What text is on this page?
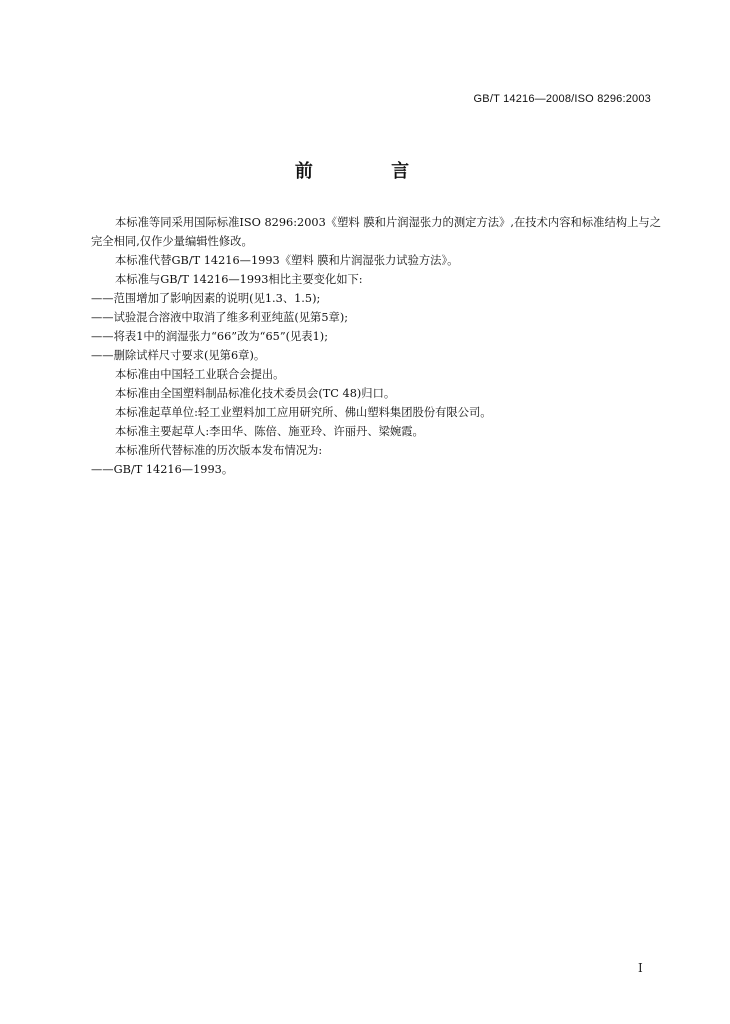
GB/T 14216—2008/ISO 8296:2003
前 言

本标准等同采用国际标准ISO 8296:2003《塑料 膜和片润湿张力的测定方法》,在技术内容和标准结构上与之完全相同,仅作少量编辑性修改。

本标准代替GB/T 14216—1993《塑料 膜和片润湿张力试验方法》。

本标准与GB/T 14216—1993相比主要变化如下:

——范围增加了影响因素的说明(见1.3、1.5);

——试验混合溶液中取消了维多利亚纯蓝(见第5章);

——将表1中的润湿张力“66”改为“65”(见表1);

——删除试样尺寸要求(见第6章)。

本标准由中国轻工业联合会提出。

本标准由全国塑料制品标准化技术委员会(TC 48)归口。

本标准起草单位:轻工业塑料加工应用研究所、佛山塑料集团股份有限公司。

本标准主要起草人:李田华、陈倍、施亚玲、许丽丹、梁婉霞。

本标准所代替标准的历次版本发布情况为:

——GB/T 14216—1993。

I
